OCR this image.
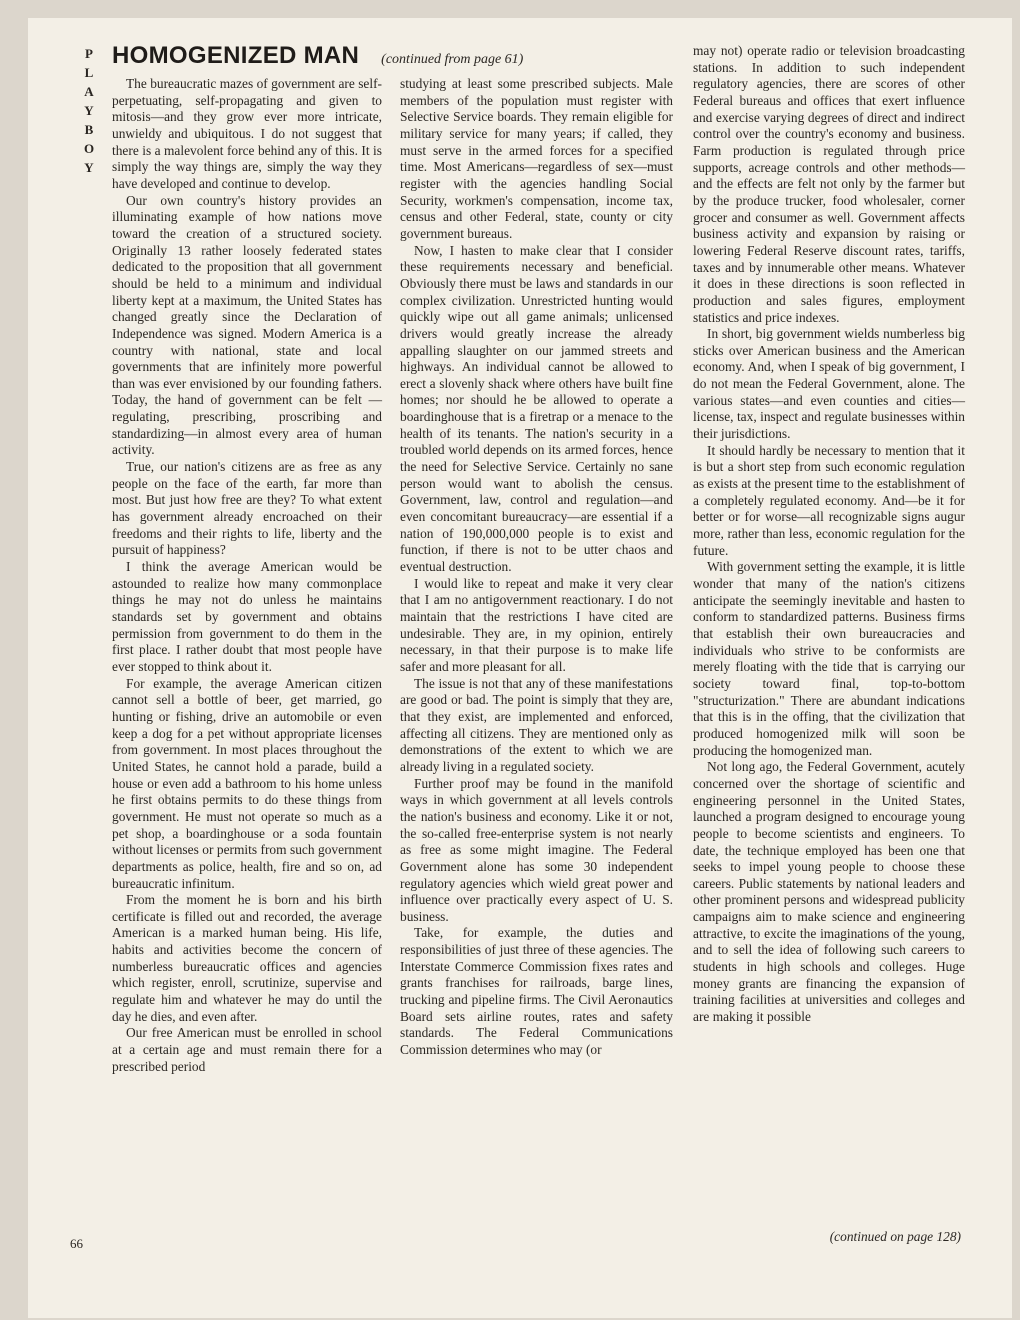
PLAYBOY
HOMOGENIZED MAN (continued from page 61)

The bureaucratic mazes of government are self-perpetuating, self-propagating and given to mitosis—and they grow ever more intricate, unwieldy and ubiquitous. I do not suggest that there is a malevolent force behind any of this. It is simply the way things are, simply the way they have developed and continue to develop.

Our own country's history provides an illuminating example of how nations move toward the creation of a structured society. Originally 13 rather loosely federated states dedicated to the proposition that all government should be held to a minimum and individual liberty kept at a maximum, the United States has changed greatly since the Declaration of Independence was signed. Modern America is a country with national, state and local governments that are infinitely more powerful than was ever envisioned by our founding fathers. Today, the hand of government can be felt —regulating, prescribing, proscribing and standardizing—in almost every area of human activity.

True, our nation's citizens are as free as any people on the face of the earth, far more than most. But just how free are they? To what extent has government already encroached on their freedoms and their rights to life, liberty and the pursuit of happiness?

I think the average American would be astounded to realize how many commonplace things he may not do unless he maintains standards set by government and obtains permission from government to do them in the first place. I rather doubt that most people have ever stopped to think about it.

For example, the average American citizen cannot sell a bottle of beer, get married, go hunting or fishing, drive an automobile or even keep a dog for a pet without appropriate licenses from government. In most places throughout the United States, he cannot hold a parade, build a house or even add a bathroom to his home unless he first obtains permits to do these things from government. He must not operate so much as a pet shop, a boardinghouse or a soda fountain without licenses or permits from such government departments as police, health, fire and so on, ad bureaucratic infinitum.

From the moment he is born and his birth certificate is filled out and recorded, the average American is a marked human being. His life, habits and activities become the concern of numberless bureaucratic offices and agencies which register, enroll, scrutinize, supervise and regulate him and whatever he may do until the day he dies, and even after.

Our free American must be enrolled in school at a certain age and must remain there for a prescribed period

studying at least some prescribed subjects. Male members of the population must register with Selective Service boards. They remain eligible for military service for many years; if called, they must serve in the armed forces for a specified time. Most Americans—regardless of sex—must register with the agencies handling Social Security, workmen's compensation, income tax, census and other Federal, state, county or city government bureaus.

Now, I hasten to make clear that I consider these requirements necessary and beneficial. Obviously there must be laws and standards in our complex civilization. Unrestricted hunting would quickly wipe out all game animals; unlicensed drivers would greatly increase the already appalling slaughter on our jammed streets and highways. An individual cannot be allowed to erect a slovenly shack where others have built fine homes; nor should he be allowed to operate a boardinghouse that is a firetrap or a menace to the health of its tenants. The nation's security in a troubled world depends on its armed forces, hence the need for Selective Service. Certainly no sane person would want to abolish the census. Government, law, control and regulation—and even concomitant bureaucracy—are essential if a nation of 190,000,000 people is to exist and function, if there is not to be utter chaos and eventual destruction.

I would like to repeat and make it very clear that I am no antigovernment reactionary. I do not maintain that the restrictions I have cited are undesirable. They are, in my opinion, entirely necessary, in that their purpose is to make life safer and more pleasant for all.

The issue is not that any of these manifestations are good or bad. The point is simply that they are, that they exist, are implemented and enforced, affecting all citizens. They are mentioned only as demonstrations of the extent to which we are already living in a regulated society.

Further proof may be found in the manifold ways in which government at all levels controls the nation's business and economy. Like it or not, the so-called free-enterprise system is not nearly as free as some might imagine. The Federal Government alone has some 30 independent regulatory agencies which wield great power and influence over practically every aspect of U. S. business.

Take, for example, the duties and responsibilities of just three of these agencies. The Interstate Commerce Commission fixes rates and grants franchises for railroads, barge lines, trucking and pipeline firms. The Civil Aeronautics Board sets airline routes, rates and safety standards. The Federal Communications Commission determines who may (or

may not) operate radio or television broadcasting stations. In addition to such independent regulatory agencies, there are scores of other Federal bureaus and offices that exert influence and exercise varying degrees of direct and indirect control over the country's economy and business. Farm production is regulated through price supports, acreage controls and other methods—and the effects are felt not only by the farmer but by the produce trucker, food wholesaler, corner grocer and consumer as well. Government affects business activity and expansion by raising or lowering Federal Reserve discount rates, tariffs, taxes and by innumerable other means. Whatever it does in these directions is soon reflected in production and sales figures, employment statistics and price indexes.

In short, big government wields numberless big sticks over American business and the American economy. And, when I speak of big government, I do not mean the Federal Government, alone. The various states—and even counties and cities—license, tax, inspect and regulate businesses within their jurisdictions.

It should hardly be necessary to mention that it is but a short step from such economic regulation as exists at the present time to the establishment of a completely regulated economy. And—be it for better or for worse—all recognizable signs augur more, rather than less, economic regulation for the future.

With government setting the example, it is little wonder that many of the nation's citizens anticipate the seemingly inevitable and hasten to conform to standardized patterns. Business firms that establish their own bureaucracies and individuals who strive to be conformists are merely floating with the tide that is carrying our society toward final, top-to-bottom "structurization." There are abundant indications that this is in the offing, that the civilization that produced homogenized milk will soon be producing the homogenized man.

Not long ago, the Federal Government, acutely concerned over the shortage of scientific and engineering personnel in the United States, launched a program designed to encourage young people to become scientists and engineers. To date, the technique employed has been one that seeks to impel young people to choose these careers. Public statements by national leaders and other prominent persons and widespread publicity campaigns aim to make science and engineering attractive, to excite the imaginations of the young, and to sell the idea of following such careers to students in high schools and colleges. Huge money grants are financing the expansion of training facilities at universities and colleges and are making it possible

(continued on page 128)
66
